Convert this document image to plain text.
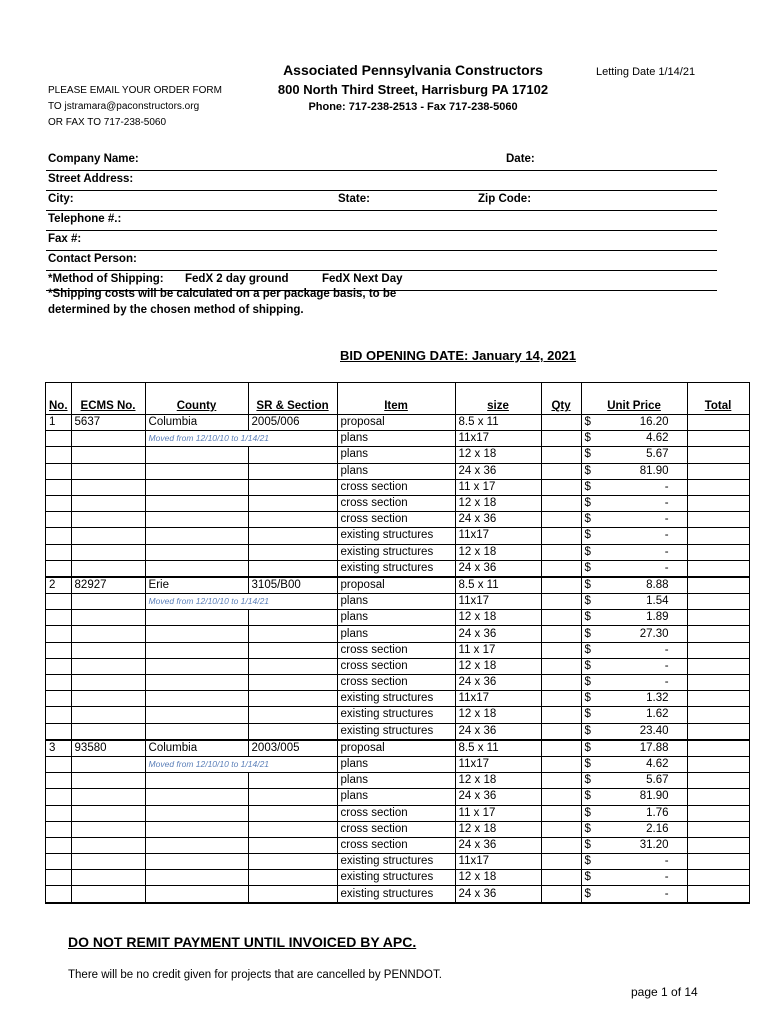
PLEASE EMAIL YOUR ORDER FORM
TO jstramara@paconstructors.org
OR FAX TO 717-238-5060
Associated Pennsylvania Constructors
800 North Third Street, Harrisburg PA 17102
Phone: 717-238-2513 - Fax 717-238-5060
Letting Date 1/14/21
Company Name:	Date:
Street Address:
City:	State:	Zip Code:
Telephone #.:
Fax #:
Contact Person:
*Method of Shipping: FedX 2 day ground	FedX Next Day
*Shipping costs will be calculated on a per package basis, to be
determined by the chosen method of shipping.
BID OPENING DATE: January 14, 2021
No.	ECMS No.	County	SR & Section	Item	size	Qty	Unit Price	Total
1	5637	Columbia	2005/006	proposal	8.5 x 11		$ 16.20	
		Moved from 12/10/10 to 1/14/21		plans	11x17		$ 4.62	
				plans	12 x 18		$ 5.67	
				plans	24 x 36		$ 81.90	
				cross section	11 x 17		$ -	
				cross section	12 x 18		$ -	
				cross section	24 x 36		$ -	
				existing structures	11x17		$ -	
				existing structures	12 x 18		$ -	
				existing structures	24 x 36		$ -	
2	82927	Erie	3105/B00	proposal	8.5 x 11		$ 8.88	
		Moved from 12/10/10 to 1/14/21		plans	11x17		$ 1.54	
				plans	12 x 18		$ 1.89	
				plans	24 x 36		$ 27.30	
				cross section	11 x 17		$ -	
				cross section	12 x 18		$ -	
				cross section	24 x 36		$ -	
				existing structures	11x17		$ 1.32	
				existing structures	12 x 18		$ 1.62	
				existing structures	24 x 36		$ 23.40	
3	93580	Columbia	2003/005	proposal	8.5 x 11		$ 17.88	
		Moved from 12/10/10 to 1/14/21		plans	11x17		$ 4.62	
				plans	12 x 18		$ 5.67	
				plans	24 x 36		$ 81.90	
				cross section	11 x 17		$ 1.76	
				cross section	12 x 18		$ 2.16	
				cross section	24 x 36		$ 31.20	
				existing structures	11x17		$ -	
				existing structures	12 x 18		$ -	
				existing structures	24 x 36		$ -	
DO NOT REMIT PAYMENT UNTIL INVOICED BY APC.
There will be no credit given for projects that are cancelled by PENNDOT.
page 1 of 14
